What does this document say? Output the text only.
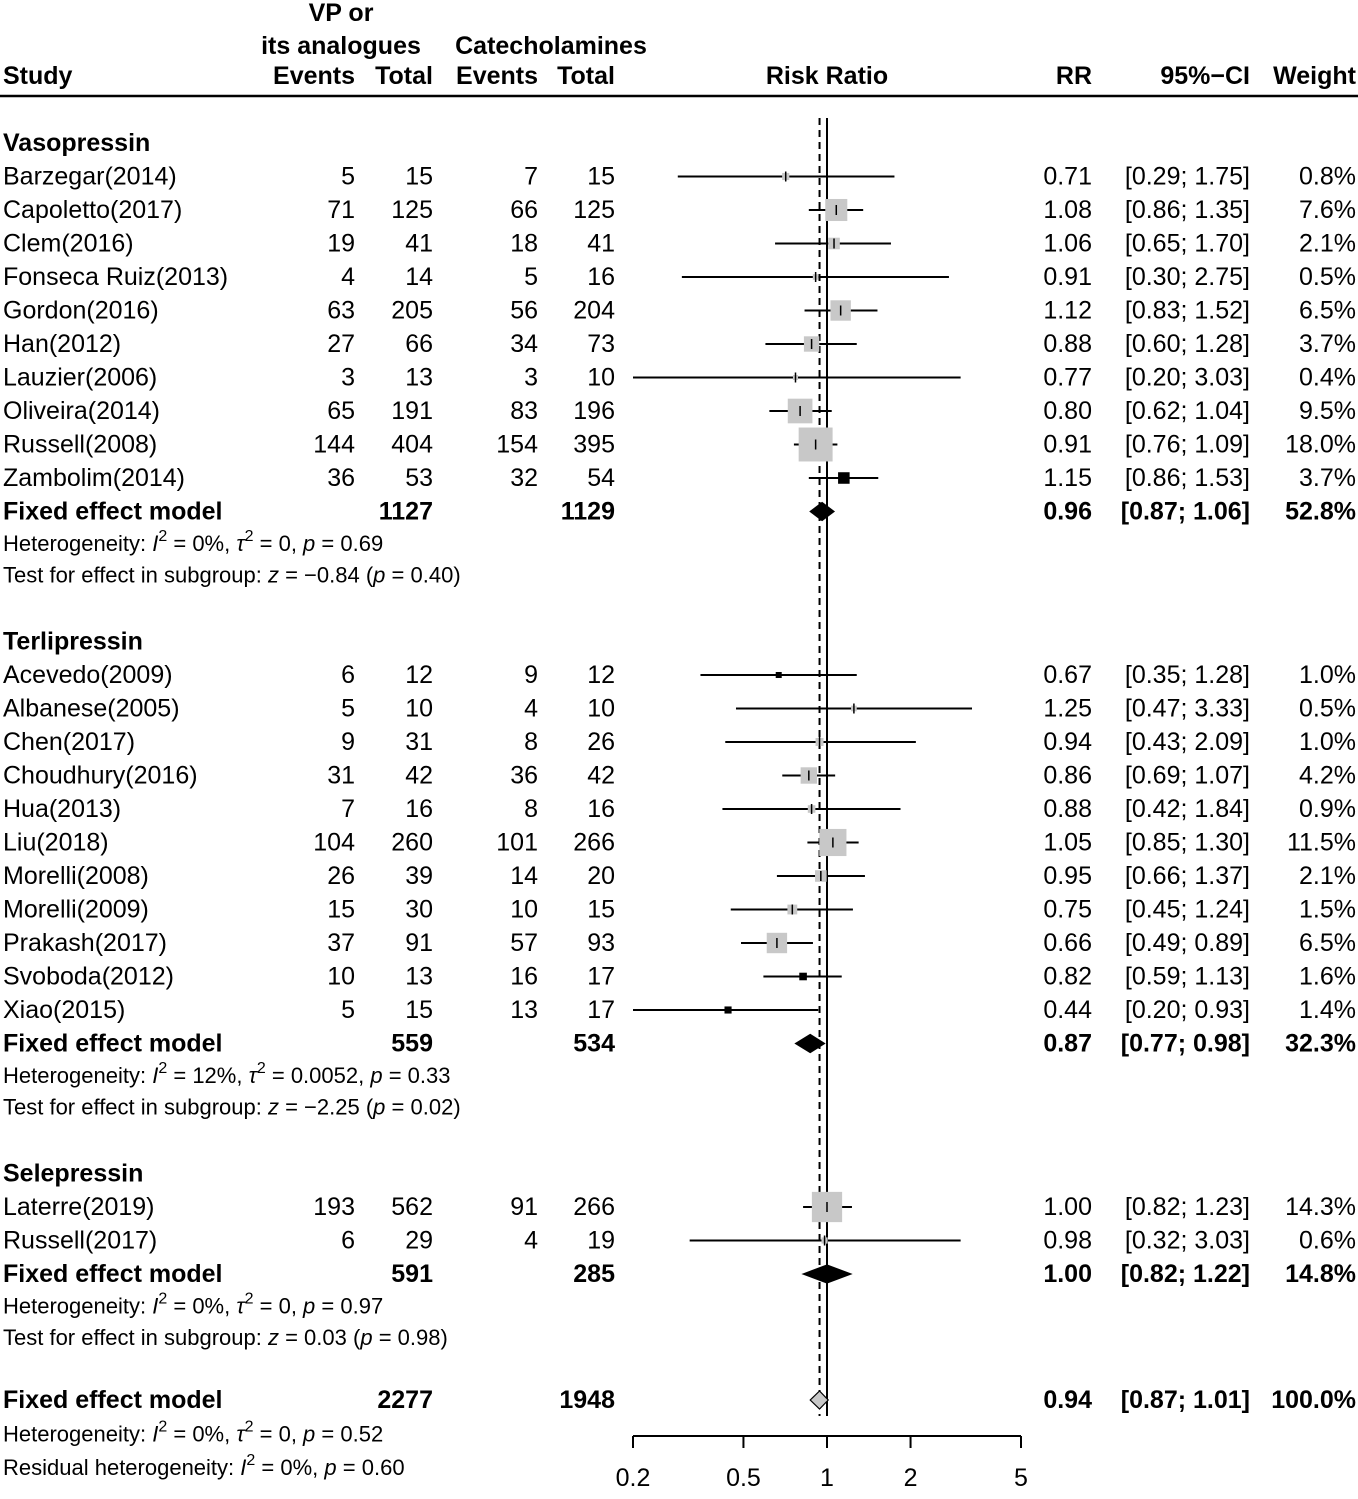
VP or
its analogues Catecholamines
Study	Events Total Events Total	Risk Ratio	RR	95%−CI Weight
0.2	0.5 1	2	5
Vasopressin
Barzegar(2014)	5 15	7 15	0.71 [0.29; 1.75] 0.8%
Capoletto(2017)	71 125	66 125	1.08 [0.86; 1.35] 7.6%
Clem(2016)	19 41	18 41	1.06 [0.65; 1.70] 2.1%
Fonseca Ruiz(2013)	4 14	5 16	0.91 [0.30; 2.75] 0.5%
Gordon(2016)	63 205	56 204	1.12 [0.83; 1.52] 6.5%
Han(2012)	27 66	34 73	0.88 [0.60; 1.28] 3.7%
Lauzier(2006)	3 13	3 10	0.77 [0.20; 3.03] 0.4%
Oliveira(2014)	65 191	83 196	0.80 [0.62; 1.04] 9.5%
Russell(2008)	144 404	154 395	0.91 [0.76; 1.09] 18.0%
Zambolim(2014)	36 53	32 54	1.15 [0.86; 1.53] 3.7%
Fixed effect model	1127	1129	0.96 [0.87; 1.06] 52.8%
Heterogeneity: $I^2 = 0\%$, $\tau^2 = 0$, p = 0.69
Test for effect in subgroup: z = −0.84 (p = 0.40)
Terlipressin
Acevedo(2009)	6 12	9 12	0.67 [0.35; 1.28] 1.0%
Albanese(2005)	5 10	4 10	1.25 [0.47; 3.33] 0.5%
Chen(2017)	9 31	8 26	0.94 [0.43; 2.09] 1.0%
Choudhury(2016)	31 42	36 42	0.86 [0.69; 1.07] 4.2%
Hua(2013)	7 16	8 16	0.88 [0.42; 1.84] 0.9%
Liu(2018)	104 260	101 266	1.05 [0.85; 1.30] 11.5%
Morelli(2008)	26 39	14 20	0.95 [0.66; 1.37] 2.1%
Morelli(2009)	15 30	10 15	0.75 [0.45; 1.24] 1.5%
Prakash(2017)	37 91	57 93	0.66 [0.49; 0.89] 6.5%
Svoboda(2012)	10 13	16 17	0.82 [0.59; 1.13] 1.6%
Xiao(2015)	5 15	13 17	0.44 [0.20; 0.93] 1.4%
Fixed effect model	559	534	0.87 [0.77; 0.98] 32.3%
Heterogeneity: $I^2 = 12\%$, $\tau^2 = 0.0052$, p = 0.33
Test for effect in subgroup: z = −2.25 (p = 0.02)
Selepressin
Laterre(2019)	193 562	91 266	1.00 [0.82; 1.23] 14.3%
Russell(2017)	6 29	4 19	0.98 [0.32; 3.03] 0.6%
Fixed effect model	591	285	1.00 [0.82; 1.22] 14.8%
Heterogeneity: $I^2 = 0\%$, $\tau^2 = 0$, p = 0.97
Test for effect in subgroup: z = 0.03 (p = 0.98)
Fixed effect model	2277	1948	0.94 [0.87; 1.01] 100.0%
Heterogeneity: $I^2 = 0\%$, $\tau^2 = 0$, p = 0.52
Residual heterogeneity: $I^2 = 0\%$, p = 0.60
